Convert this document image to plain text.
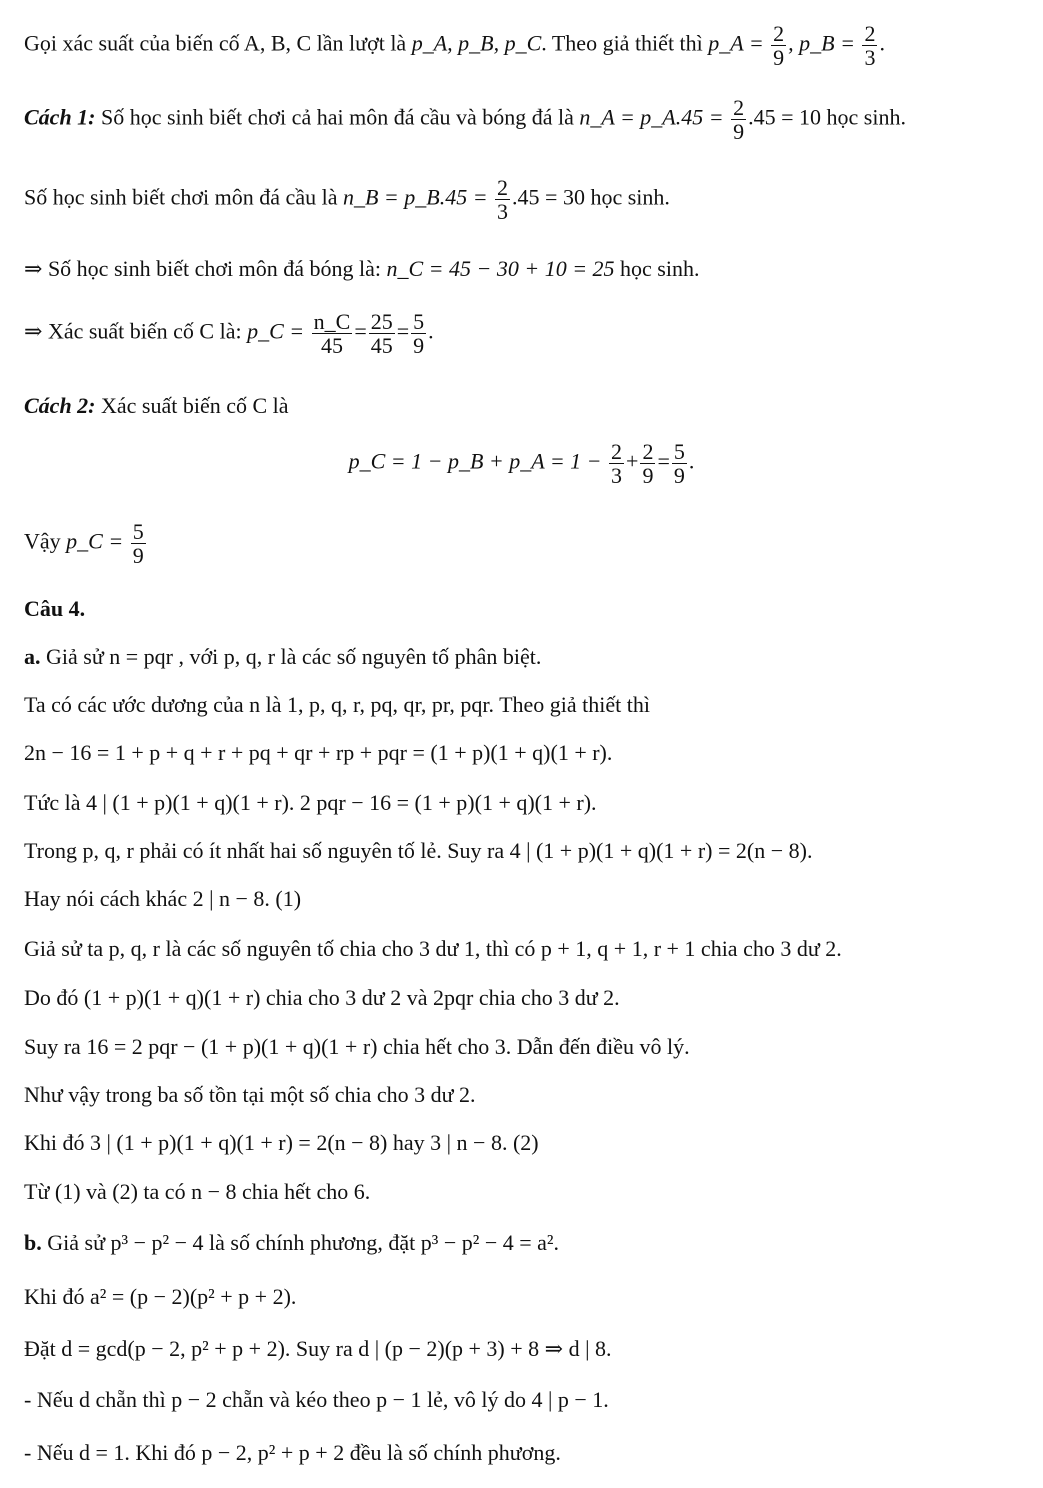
Gọi xác suất của biến cố A, B, C lần lượt là p_A, p_B, p_C. Theo giả thiết thì p_A = $\frac{2}{9}$ , p_B = $\frac{2}{3}$ .
Cách 1: Số học sinh biết chơi cả hai môn đá cầu và bóng đá là n_A = p_A.45 = $\frac{2}{9} .45 = 10$ học sinh.
Số học sinh biết chơi môn đá cầu là n_B = p_B.45 = $\frac{2}{3} .45 = 30$ học sinh.
⇒ Số học sinh biết chơi môn đá bóng là: n_C = 45 − 30 + 10 = 25 học sinh.
⇒ Xác suất biến cố C là: p_C = $\frac{n\_C}{45} = \frac{25}{45} = \frac{5}{9}$ .
Cách 2: Xác suất biến cố C là
p_C = 1 − p_B + p_A = $1 - \frac{2}{3} + \frac{2}{9} = \frac{5}{9}$ .
Vậy p_C = $\frac{5}{9}$
Câu 4.
a. Giả sử n = pqr , với p, q, r là các số nguyên tố phân biệt.
Ta có các ước dương của n là 1, p, q, r, pq, qr, pr, pqr. Theo giả thiết thì
2n − 16 = 1 + p + q + r + pq + qr + rp + pqr = (1 + p)(1 + q)(1 + r).
Tức là 4 | (1 + p)(1 + q)(1 + r). 2 pqr − 16 = (1 + p)(1 + q)(1 + r).
Trong p, q, r phải có ít nhất hai số nguyên tố lẻ. Suy ra 4 | (1 + p)(1 + q)(1 + r) = 2(n − 8).
Hay nói cách khác 2 | n − 8. (1)
Giả sử ta p, q, r là các số nguyên tố chia cho 3 dư 1, thì có p + 1, q + 1, r + 1 chia cho 3 dư 2.
Do đó (1 + p)(1 + q)(1 + r) chia cho 3 dư 2 và 2pqr chia cho 3 dư 2.
Suy ra 16 = 2 pqr − (1 + p)(1 + q)(1 + r) chia hết cho 3. Dẫn đến điều vô lý.
Như vậy trong ba số tồn tại một số chia cho 3 dư 2.
Khi đó 3 | (1 + p)(1 + q)(1 + r) = 2(n − 8) hay 3 | n − 8. (2)
Từ (1) và (2) ta có n − 8 chia hết cho 6.
b. Giả sử p³ − p² − 4 là số chính phương, đặt p³ − p² − 4 = a².
Khi đó a² = (p − 2)(p² + p + 2).
Đặt d = gcd(p − 2, p² + p + 2). Suy ra d | (p − 2)(p + 3) + 8 ⇒ d | 8.
- Nếu d chẵn thì p − 2 chẵn và kéo theo p − 1 lẻ, vô lý do 4 | p − 1.
- Nếu d = 1. Khi đó p − 2, p² + p + 2 đều là số chính phương.
